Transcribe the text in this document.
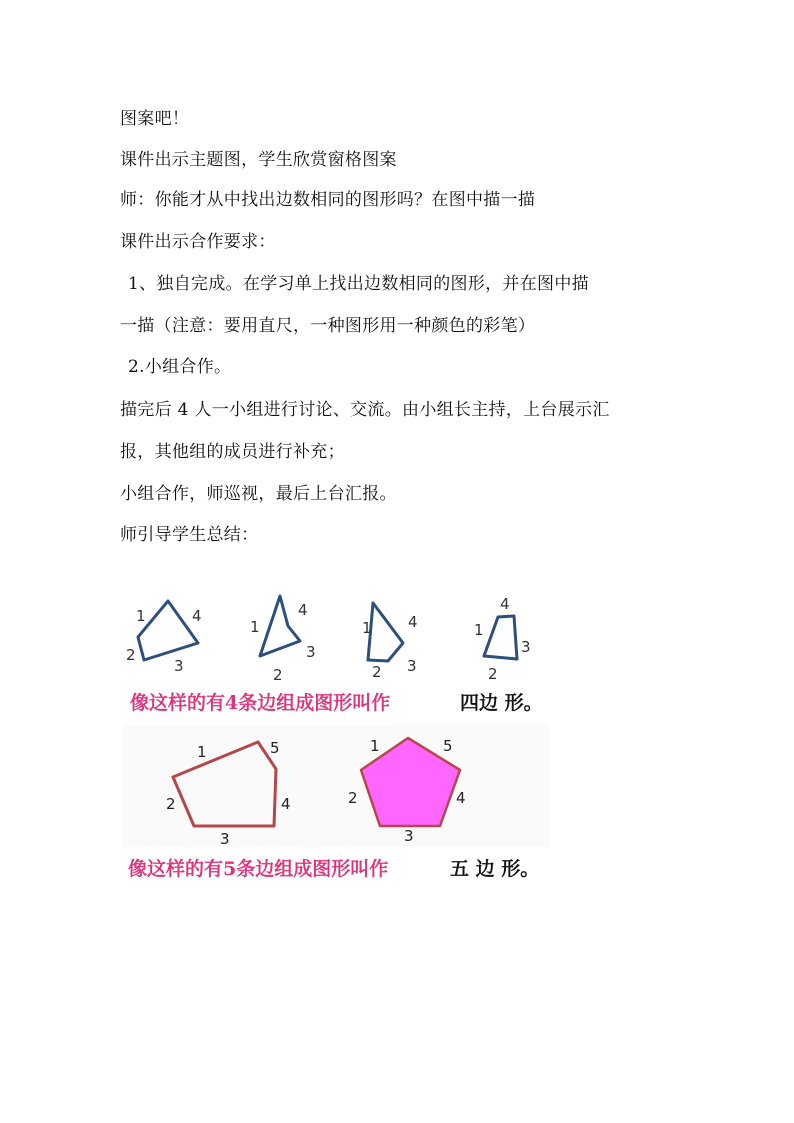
图案吧！
课件出示主题图，学生欣赏窗格图案
师：你能才从中找出边数相同的图形吗？在图中描一描
课件出示合作要求：
1、独自完成。在学习单上找出边数相同的图形，并在图中描
一描（注意：要用直尺，一种图形用一种颜色的彩笔）
2.小组合作。
描完后 4 人一小组进行讨论、交流。由小组长主持，上台展示汇
报，其他组的成员进行补充；
小组合作，师巡视，最后上台汇报。
师引导学生总结：
1
2
3
4
1
2
3
4
1
2 3
4	1
2
3
4
像这样的有4条边组成图形叫作	四边 形。
1
2
3
4
5	1
2
3
4
5
像这样的有5条边组成图形叫作	五 边 形。
